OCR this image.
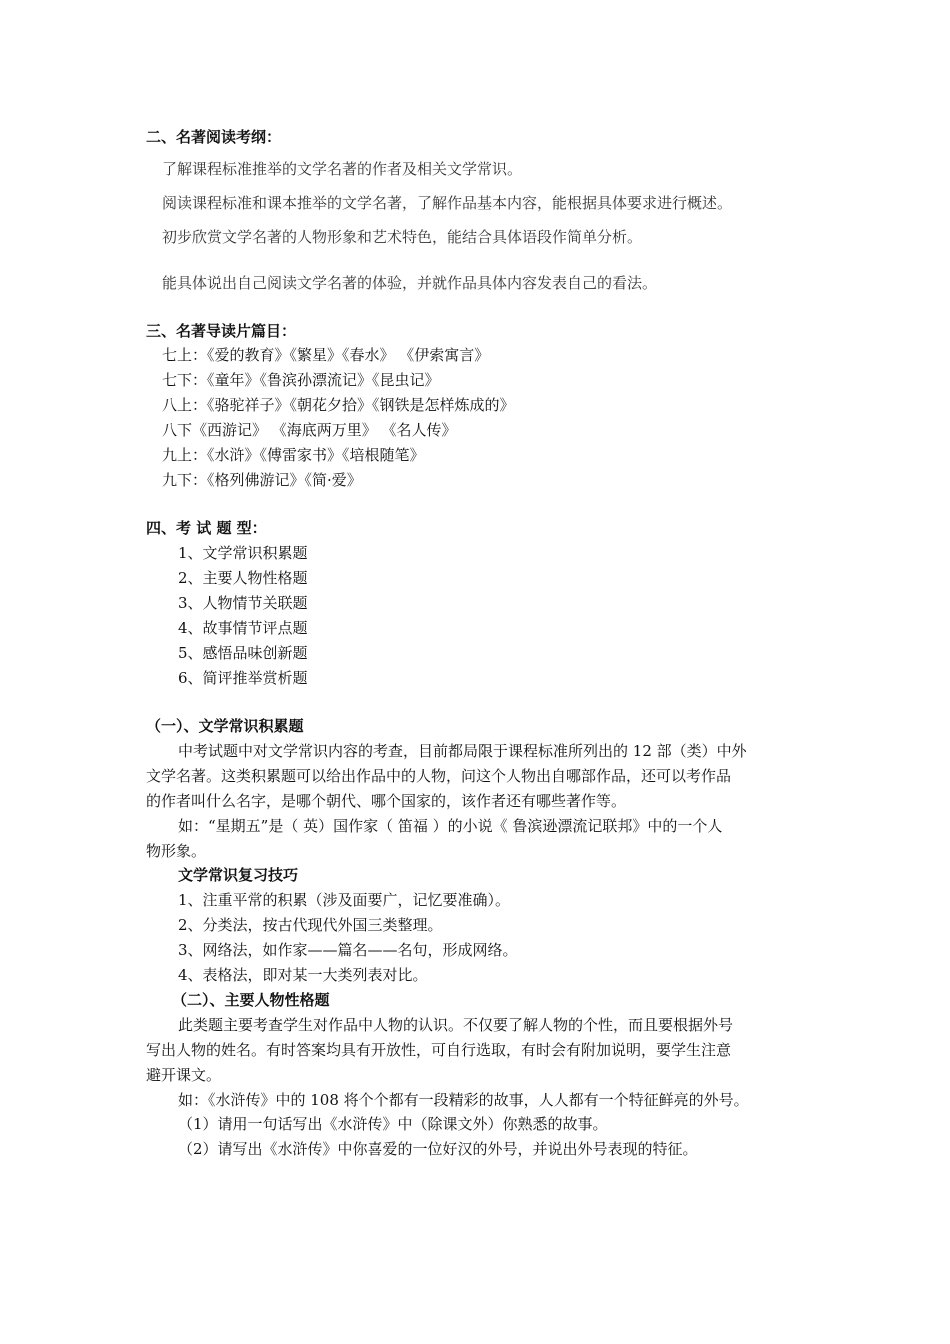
二、名著阅读考纲：
了解课程标准推举的文学名著的作者及相关文学常识。
阅读课程标准和课本推举的文学名著，了解作品基本内容，能根据具体要求进行概述。
初步欣赏文学名著的人物形象和艺术特色，能结合具体语段作简单分析。
能具体说出自己阅读文学名著的体验，并就作品具体内容发表自己的看法。
三、名著导读片篇目：
七上：《爱的教育》《繁星》《春水》 《伊索寓言》
七下：《童年》《鲁滨孙漂流记》《昆虫记》
八上：《骆驼祥子》《朝花夕拾》《钢铁是怎样炼成的》
八下《西游记》 《海底两万里》 《名人传》
九上：《水浒》《傅雷家书》《培根随笔》
九下：《格列佛游记》《简·爱》
四、考 试 题 型：
1、文学常识积累题
2、主要人物性格题
3、人物情节关联题
4、故事情节评点题
5、感悟品味创新题
6、简评推举赏析题
（一）、文学常识积累题
中考试题中对文学常识内容的考查，目前都局限于课程标准所列出的 12 部（类）中外
文学名著。这类积累题可以给出作品中的人物，问这个人物出自哪部作品，还可以考作品
的作者叫什么名字，是哪个朝代、哪个国家的，该作者还有哪些著作等。
如：“星期五”是（ 英）国作家（ 笛福 ）的小说《 鲁滨逊漂流记联邦》中的一个人
物形象。
文学常识复习技巧
1、注重平常的积累（涉及面要广，记忆要准确）。
2、分类法，按古代现代外国三类整理。
3、网络法，如作家——篇名——名句，形成网络。
4、表格法，即对某一大类列表对比。
（二）、主要人物性格题
此类题主要考查学生对作品中人物的认识。不仅要了解人物的个性，而且要根据外号
写出人物的姓名。有时答案均具有开放性，可自行选取，有时会有附加说明，要学生注意
避开课文。
如：《水浒传》中的 108 将个个都有一段精彩的故事，人人都有一个特征鲜亮的外号。
（1）请用一句话写出《水浒传》中（除课文外）你熟悉的故事。
（2）请写出《水浒传》中你喜爱的一位好汉的外号，并说出外号表现的特征。
